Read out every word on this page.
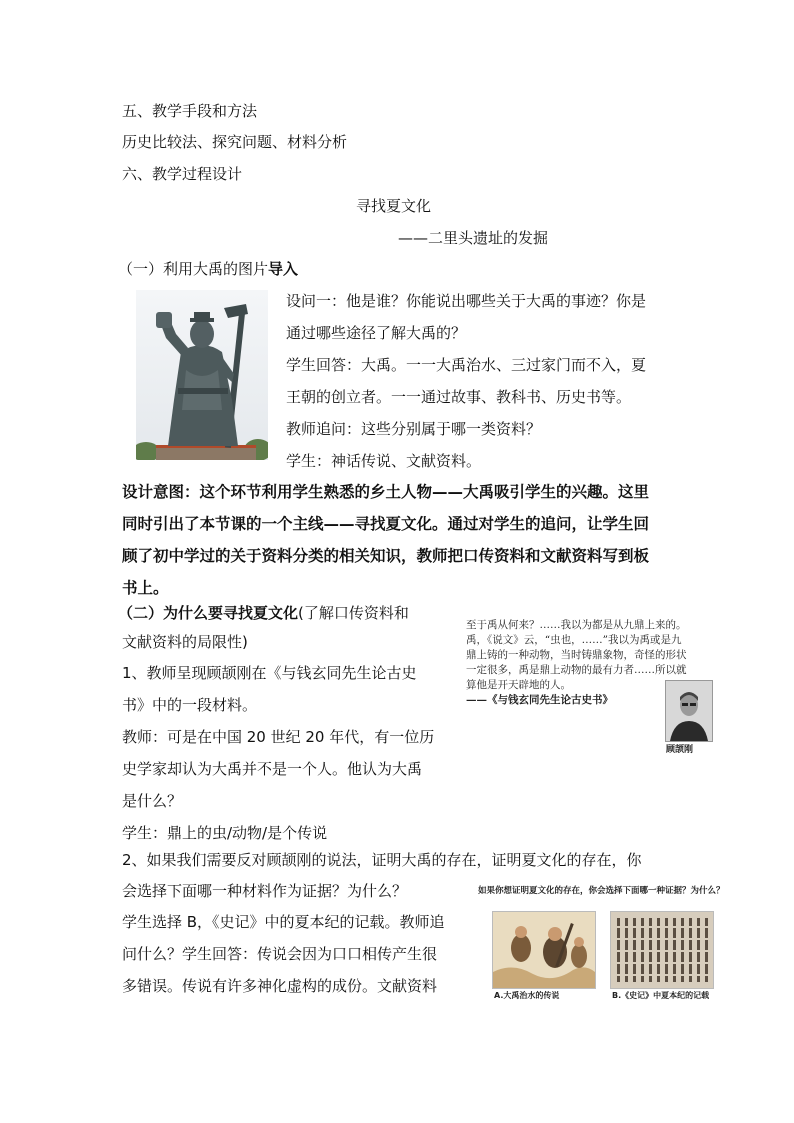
五、教学手段和方法
历史比较法、探究问题、材料分析
六、教学过程设计
寻找夏文化
——二里头遗址的发掘
（一）利用大禹的图片导入
设问一：他是谁？你能说出哪些关于大禹的事迹？你是
通过哪些途径了解大禹的？
学生回答：大禹。一一大禹治水、三过家门而不入，夏
王朝的创立者。一一通过故事、教科书、历史书等。
教师追问：这些分别属于哪一类资料？
学生：神话传说、文献资料。
设计意图：这个环节利用学生熟悉的乡土人物——大禹吸引学生的兴趣。这里
同时引出了本节课的一个主线——寻找夏文化。通过对学生的追问，让学生回
顾了初中学过的关于资料分类的相关知识，教师把口传资料和文献资料写到板
书上。
（二）为什么要寻找夏文化(了解口传资料和
文献资料的局限性)
1、教师呈现顾颉刚在《与钱玄同先生论古史
书》中的一段材料。
教师：可是在中国 20 世纪 20 年代，有一位历
史学家却认为大禹并不是一个人。他认为大禹
是什么？
学生：鼎上的虫/动物/是个传说
至于禹从何来？……我以为都是从九鼎上来的。
禹，《说文》云，“虫也，……”我以为禹或是九
鼎上铸的一种动物，当时铸鼎象物，奇怪的形状
一定很多，禹是鼎上动物的最有力者……所以就
算他是开天辟地的人。
——《与钱玄同先生论古史书》
顾颉刚
2、如果我们需要反对顾颉刚的说法，证明大禹的存在，证明夏文化的存在，你
会选择下面哪一种材料作为证据？为什么？
学生选择 B，《史记》中的夏本纪的记载。教师追
问什么？学生回答：传说会因为口口相传产生很
多错误。传说有许多神化虚构的成份。文献资料
如果你想证明夏文化的存在，你会选择下面哪一种证据？为什么？
A.大禹治水的传说	B.《史记》中夏本纪的记载
